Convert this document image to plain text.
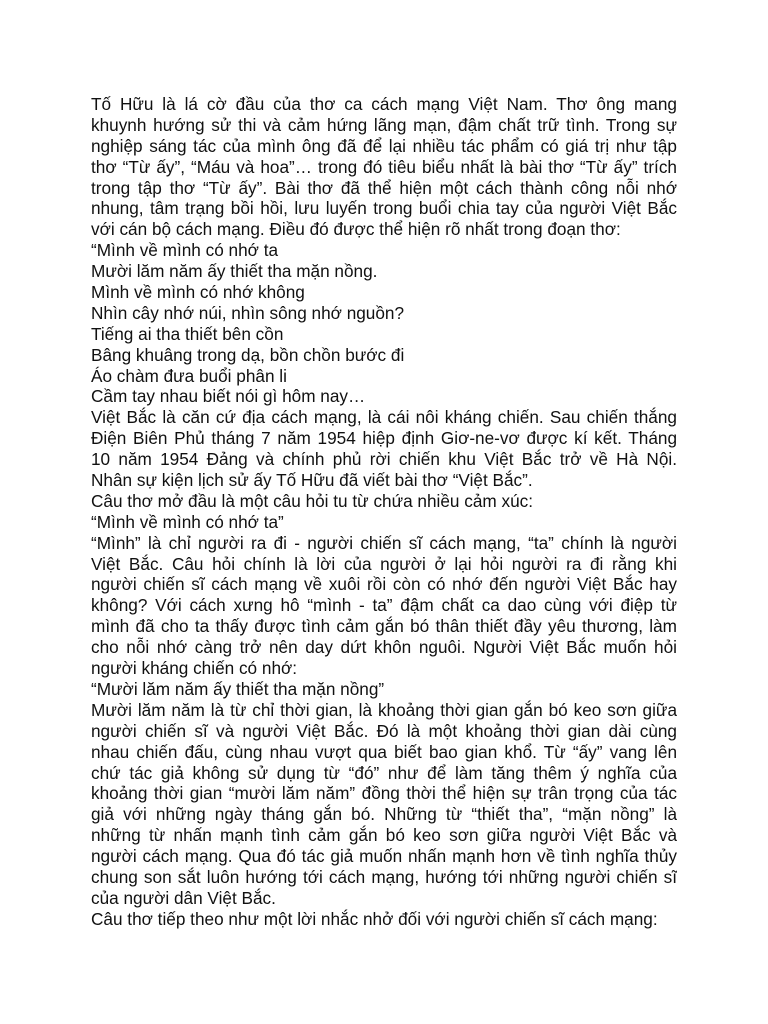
Tố Hữu là lá cờ đầu của thơ ca cách mạng Việt Nam. Thơ ông mang
khuynh hướng sử thi và cảm hứng lãng mạn, đậm chất trữ tình. Trong sự
nghiệp sáng tác của mình ông đã để lại nhiều tác phẩm có giá trị như tập
thơ “Từ ấy”, “Máu và hoa”… trong đó tiêu biểu nhất là bài thơ “Từ ấy” trích
trong tập thơ “Từ ấy”. Bài thơ đã thể hiện một cách thành công nỗi nhớ
nhung, tâm trạng bồi hồi, lưu luyến trong buổi chia tay của người Việt Bắc
với cán bộ cách mạng. Điều đó được thể hiện rõ nhất trong đoạn thơ:
“Mình về mình có nhớ ta
Mười lăm năm ấy thiết tha mặn nồng.
Mình về mình có nhớ không
Nhìn cây nhớ núi, nhìn sông nhớ nguồn?
Tiếng ai tha thiết bên cồn
Bâng khuâng trong dạ, bồn chồn bước đi
Áo chàm đưa buổi phân li
Cầm tay nhau biết nói gì hôm nay…
Việt Bắc là căn cứ địa cách mạng, là cái nôi kháng chiến. Sau chiến thắng
Điện Biên Phủ tháng 7 năm 1954 hiệp định Giơ-ne-vơ được kí kết. Tháng
10 năm 1954 Đảng và chính phủ rời chiến khu Việt Bắc trở về Hà Nội.
Nhân sự kiện lịch sử ấy Tố Hữu đã viết bài thơ “Việt Bắc”.
Câu thơ mở đầu là một câu hỏi tu từ chứa nhiều cảm xúc:
“Mình về mình có nhớ ta”
“Mình” là chỉ người ra đi - người chiến sĩ cách mạng, “ta” chính là người
Việt Bắc. Câu hỏi chính là lời của người ở lại hỏi người ra đi rằng khi
người chiến sĩ cách mạng về xuôi rồi còn có nhớ đến người Việt Bắc hay
không? Với cách xưng hô “mình - ta” đậm chất ca dao cùng với điệp từ
mình đã cho ta thấy được tình cảm gắn bó thân thiết đầy yêu thương, làm
cho nỗi nhớ càng trở nên day dứt khôn nguôi. Người Việt Bắc muốn hỏi
người kháng chiến có nhớ:
“Mười lăm năm ấy thiết tha mặn nồng”
Mười lăm năm là từ chỉ thời gian, là khoảng thời gian gắn bó keo sơn giữa
người chiến sĩ và người Việt Bắc. Đó là một khoảng thời gian dài cùng
nhau chiến đấu, cùng nhau vượt qua biết bao gian khổ. Từ “ấy” vang lên
chứ tác giả không sử dụng từ “đó” như để làm tăng thêm ý nghĩa của
khoảng thời gian “mười lăm năm” đồng thời thể hiện sự trân trọng của tác
giả với những ngày tháng gắn bó. Những từ “thiết tha”, “mặn nồng” là
những từ nhấn mạnh tình cảm gắn bó keo sơn giữa người Việt Bắc và
người cách mạng. Qua đó tác giả muốn nhấn mạnh hơn về tình nghĩa thủy
chung son sắt luôn hướng tới cách mạng, hướng tới những người chiến sĩ
của người dân Việt Bắc.
Câu thơ tiếp theo như một lời nhắc nhở đối với người chiến sĩ cách mạng:
